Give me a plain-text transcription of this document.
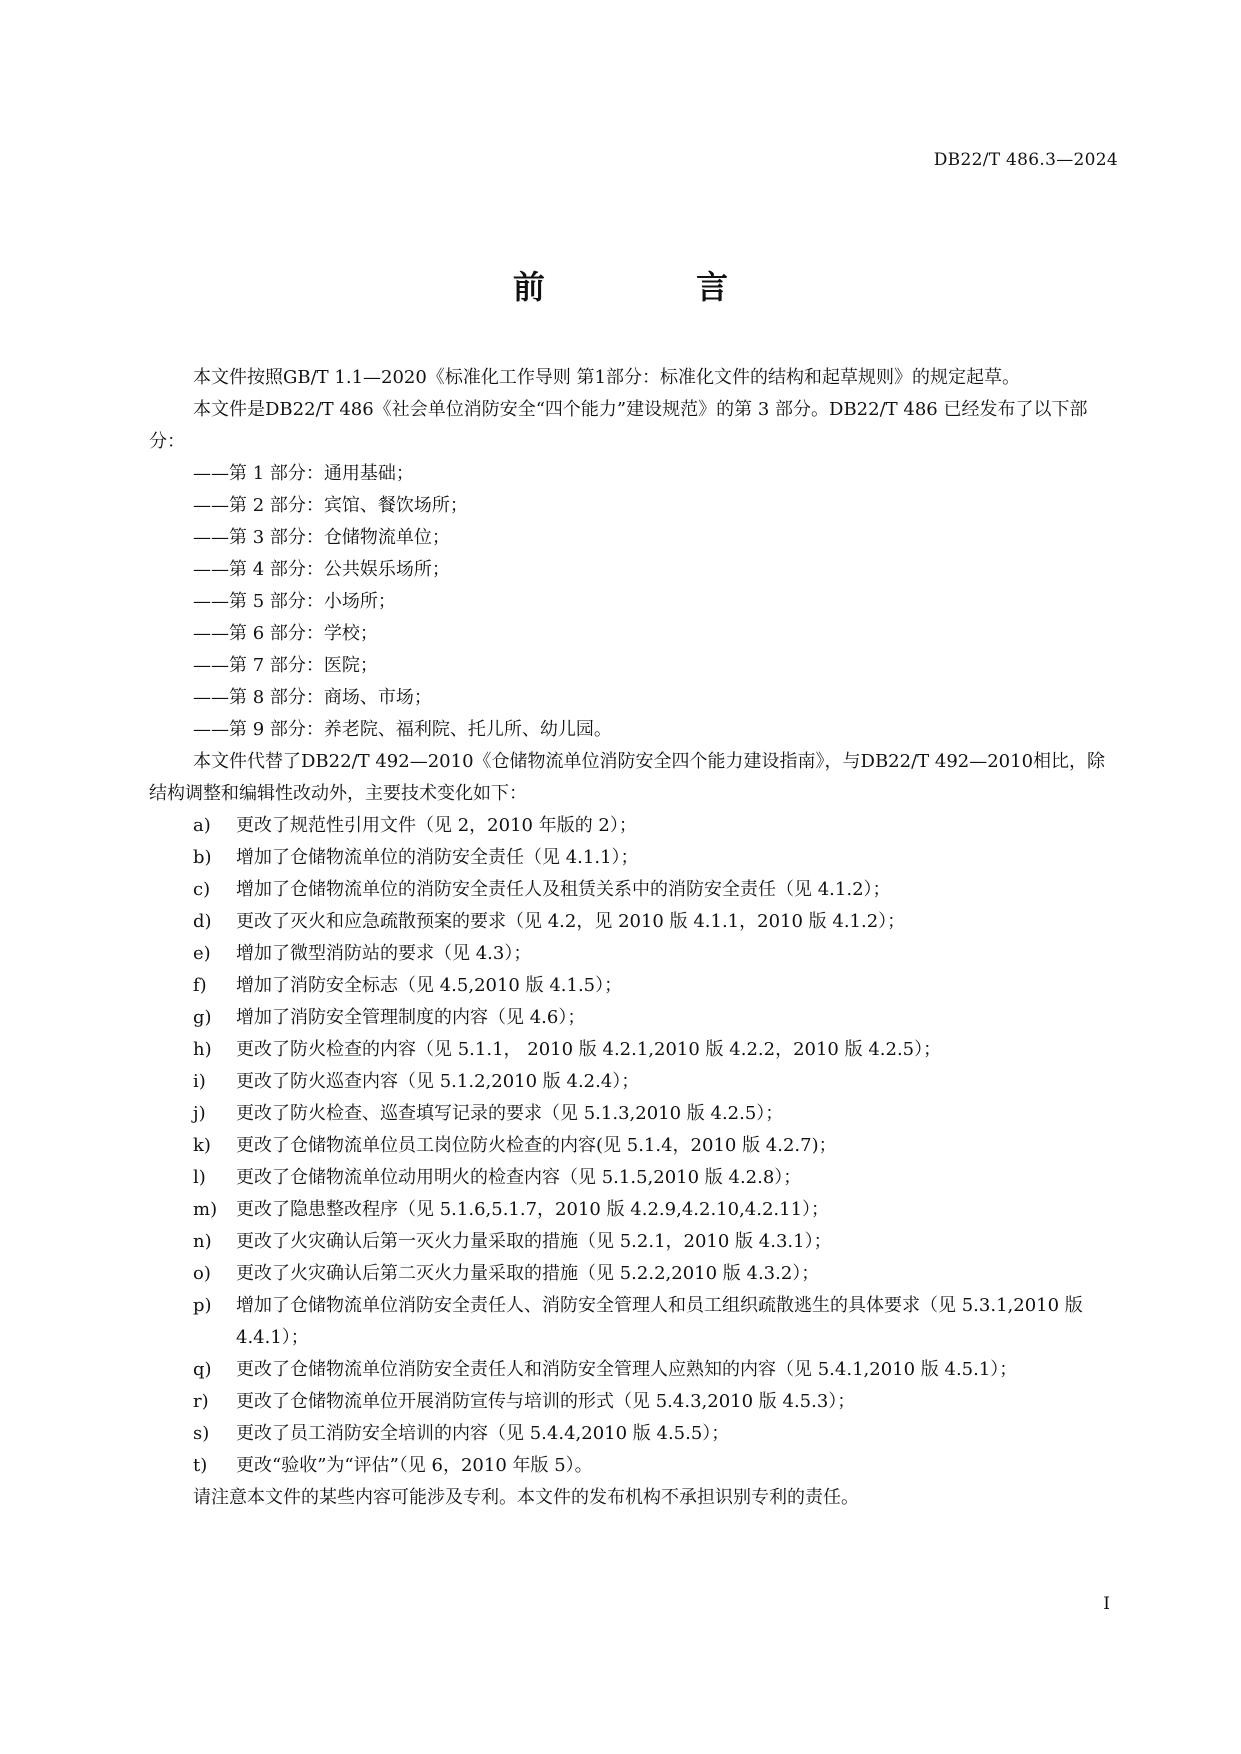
DB22/T 486.3—2024
前 言

本文件按照GB/T 1.1—2020《标准化工作导则 第1部分：标准化文件的结构和起草规则》的规定起草。

本文件是DB22/T 486《社会单位消防安全“四个能力”建设规范》的第 3 部分。DB22/T 486 已经发布了以下部分：

——第 1 部分：通用基础；
——第 2 部分：宾馆、餐饮场所；
——第 3 部分：仓储物流单位；
——第 4 部分：公共娱乐场所；
——第 5 部分：小场所；
——第 6 部分：学校；
——第 7 部分：医院；
——第 8 部分：商场、市场；
——第 9 部分：养老院、福利院、托儿所、幼儿园。

本文件代替了DB22/T 492—2010《仓储物流单位消防安全四个能力建设指南》，与DB22/T 492—2010相比，除结构调整和编辑性改动外，主要技术变化如下：

a)	更改了规范性引用文件（见 2，2010 年版的 2）；
b)	增加了仓储物流单位的消防安全责任（见 4.1.1）；
c)	增加了仓储物流单位的消防安全责任人及租赁关系中的消防安全责任（见 4.1.2）；
d)	更改了灭火和应急疏散预案的要求（见 4.2，见 2010 版 4.1.1，2010 版 4.1.2）；
e)	增加了微型消防站的要求（见 4.3）；
f)	增加了消防安全标志（见 4.5,2010 版 4.1.5）；
g)	增加了消防安全管理制度的内容（见 4.6）；
h)	更改了防火检查的内容（见 5.1.1， 2010 版 4.2.1,2010 版 4.2.2，2010 版 4.2.5）；
i)	更改了防火巡查内容（见 5.1.2,2010 版 4.2.4）；
j)	更改了防火检查、巡查填写记录的要求（见 5.1.3,2010 版 4.2.5）；
k)	更改了仓储物流单位员工岗位防火检查的内容(见 5.1.4，2010 版 4.2.7)；
l)	更改了仓储物流单位动用明火的检查内容（见 5.1.5,2010 版 4.2.8）；
m)	更改了隐患整改程序（见 5.1.6,5.1.7，2010 版 4.2.9,4.2.10,4.2.11）；
n)	更改了火灾确认后第一灭火力量采取的措施（见 5.2.1，2010 版 4.3.1）；
o)	更改了火灾确认后第二灭火力量采取的措施（见 5.2.2,2010 版 4.3.2）；
p)	增加了仓储物流单位消防安全责任人、消防安全管理人和员工组织疏散逃生的具体要求（见 5.3.1,2010 版 4.4.1）；
q)	更改了仓储物流单位消防安全责任人和消防安全管理人应熟知的内容（见 5.4.1,2010 版 4.5.1）；
r)	更改了仓储物流单位开展消防宣传与培训的形式（见 5.4.3,2010 版 4.5.3）；
s)	更改了员工消防安全培训的内容（见 5.4.4,2010 版 4.5.5）；
t)	更改“验收”为“评估”（见 6，2010 年版 5）。

请注意本文件的某些内容可能涉及专利。本文件的发布机构不承担识别专利的责任。

I
